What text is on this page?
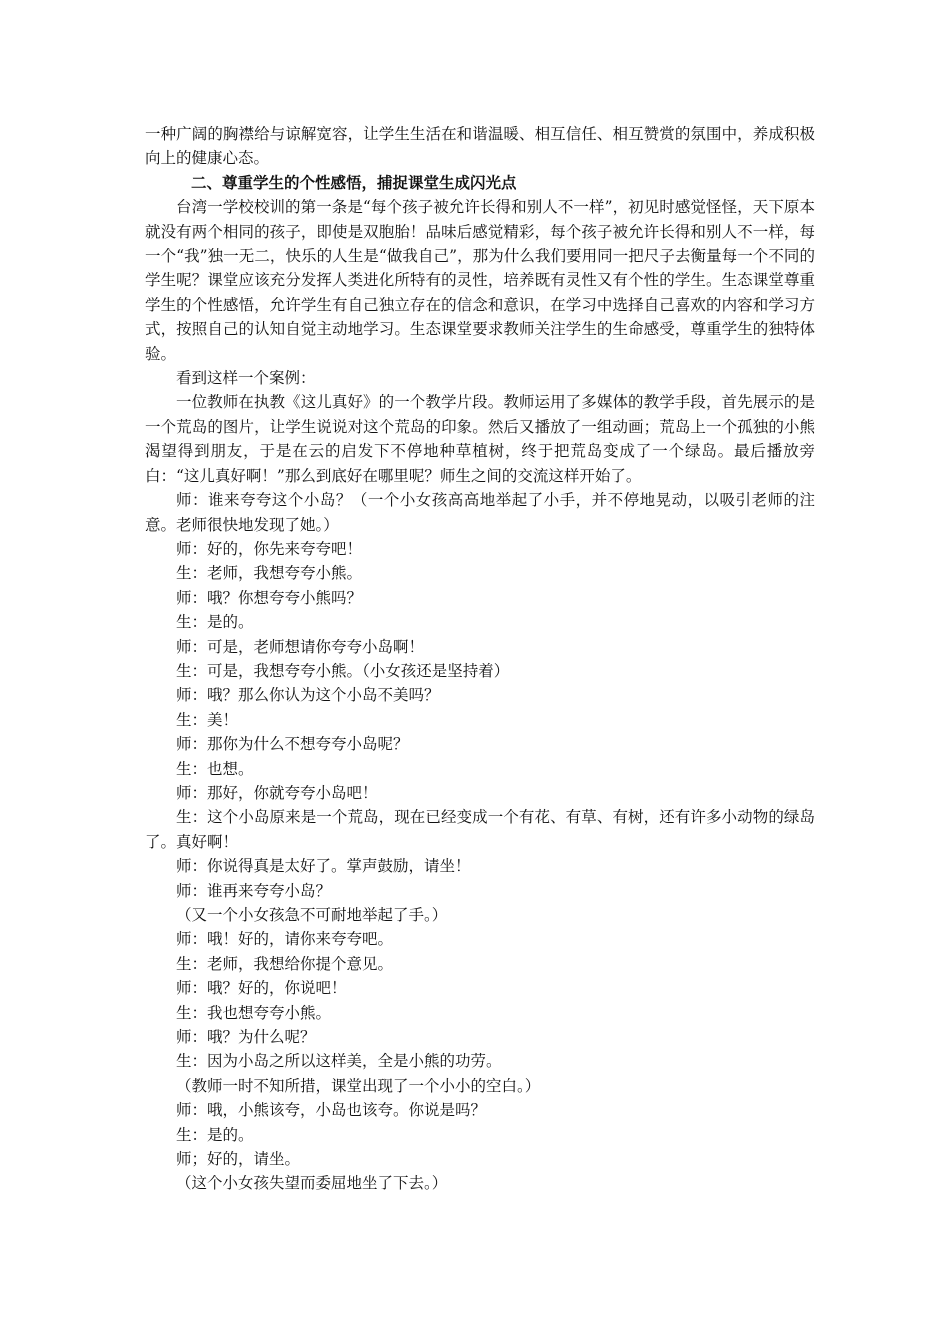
一种广阔的胸襟给与谅解宽容，让学生生活在和谐温暖、相互信任、相互赞赏的氛围中，养成积极向上的健康心态。

二、尊重学生的个性感悟，捕捉课堂生成闪光点

台湾一学校校训的第一条是“每个孩子被允许长得和别人不一样”，初见时感觉怪怪，天下原本就没有两个相同的孩子，即使是双胞胎！品味后感觉精彩，每个孩子被允许长得和别人不一样，每一个“我”独一无二，快乐的人生是“做我自己”，那为什么我们要用同一把尺子去衡量每一个不同的学生呢？课堂应该充分发挥人类进化所特有的灵性，培养既有灵性又有个性的学生。生态课堂尊重学生的个性感悟，允许学生有自己独立存在的信念和意识，在学习中选择自己喜欢的内容和学习方式，按照自己的认知自觉主动地学习。生态课堂要求教师关注学生的生命感受，尊重学生的独特体验。

看到这样一个案例：

一位教师在执教《这儿真好》的一个教学片段。教师运用了多媒体的教学手段，首先展示的是一个荒岛的图片，让学生说说对这个荒岛的印象。然后又播放了一组动画；荒岛上一个孤独的小熊渴望得到朋友，于是在云的启发下不停地种草植树，终于把荒岛变成了一个绿岛。最后播放旁白：“这儿真好啊！”那么到底好在哪里呢？师生之间的交流这样开始了。

师：谁来夸夸这个小岛？（一个小女孩高高地举起了小手，并不停地晃动，以吸引老师的注意。老师很快地发现了她。）

师：好的，你先来夸夸吧！

生：老师，我想夸夸小熊。

师：哦？你想夸夸小熊吗？

生：是的。

师：可是，老师想请你夸夸小岛啊！

生：可是，我想夸夸小熊。（小女孩还是坚持着）

师：哦？那么你认为这个小岛不美吗？

生：美！

师：那你为什么不想夸夸小岛呢？

生：也想。

师：那好，你就夸夸小岛吧！

生：这个小岛原来是一个荒岛，现在已经变成一个有花、有草、有树，还有许多小动物的绿岛了。真好啊！

师：你说得真是太好了。掌声鼓励，请坐！

师：谁再来夸夸小岛？

（又一个小女孩急不可耐地举起了手。）

师：哦！好的，请你来夸夸吧。

生：老师，我想给你提个意见。

师：哦？好的，你说吧！

生：我也想夸夸小熊。

师：哦？为什么呢？

生：因为小岛之所以这样美，全是小熊的功劳。

（教师一时不知所措，课堂出现了一个小小的空白。）

师：哦，小熊该夸，小岛也该夸。你说是吗？

生：是的。

师；好的，请坐。

（这个小女孩失望而委屈地坐了下去。）
